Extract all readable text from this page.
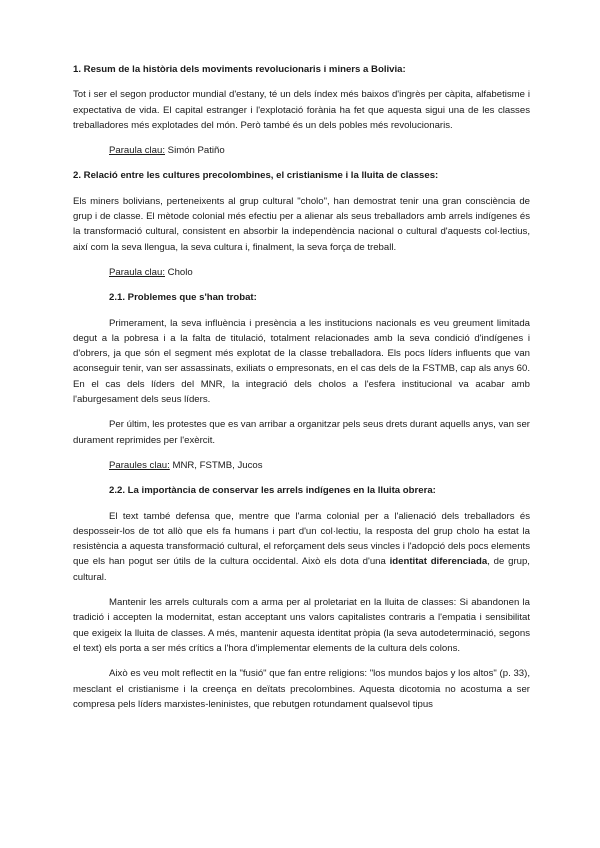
1. Resum de la història dels moviments revolucionaris i miners a Bolivia:

Tot i ser el segon productor mundial d'estany, té un dels índex més baixos d'ingrès per càpita, alfabetisme i expectativa de vida. El capital estranger i l'explotació forània ha fet que aquesta sigui una de les classes treballadores més explotades del món. Però també és un dels pobles més revolucionaris.

Paraula clau: Simón Patiño

2. Relació entre les cultures precolombines, el cristianisme i la lluita de classes:

Els miners bolivians, perteneixents al grup cultural "cholo", han demostrat tenir una gran consciència de grup i de classe. El mètode colonial més efectiu per a alienar als seus treballadors amb arrels indígenes és la transformació cultural, consistent en absorbir la independència nacional o cultural d'aquests col·lectius, així com la seva llengua, la seva cultura i, finalment, la seva força de treball.

Paraula clau: Cholo

2.1. Problemes que s'han trobat:

Primerament, la seva influència i presència a les institucions nacionals es veu greument limitada degut a la pobresa i a la falta de titulació, totalment relacionades amb la seva condició d'indígenes i d'obrers, ja que són el segment més explotat de la classe treballadora. Els pocs líders influents que van aconseguir tenir, van ser assassinats, exiliats o empresonats, en el cas dels de la FSTMB, cap als anys 60. En el cas dels líders del MNR, la integració dels cholos a l'esfera institucional va acabar amb l'aburgesament dels seus líders.

Per últim, les protestes que es van arribar a organitzar pels seus drets durant aquells anys, van ser durament reprimides per l'exèrcit.

Paraules clau: MNR, FSTMB, Jucos

2.2. La importància de conservar les arrels indígenes en la lluita obrera:

El text també defensa que, mentre que l'arma colonial per a l'alienació dels treballadors és desposseir-los de tot allò que els fa humans i part d'un col·lectiu, la resposta del grup cholo ha estat la resistència a aquesta transformació cultural, el reforçament dels seus vincles i l'adopció dels pocs elements que els han pogut ser útils de la cultura occidental. Això els dota d'una identitat diferenciada, de grup, cultural.

Mantenir les arrels culturals com a arma per al proletariat en la lluita de classes: Si abandonen la tradició i accepten la modernitat, estan acceptant uns valors capitalistes contraris a l'empatia i sensibilitat que exigeix la lluita de classes. A més, mantenir aquesta identitat pròpia (la seva autodeterminació, segons el text) els porta a ser més crítics a l'hora d'implementar elements de la cultura dels colons.

Això es veu molt reflectit en la "fusió" que fan entre religions: "los mundos bajos y los altos" (p. 33), mesclant el cristianisme i la creença en deïtats precolombines. Aquesta dicotomia no acostuma a ser compresa pels líders marxistes-leninistes, que rebutgen rotundament qualsevol tipus
